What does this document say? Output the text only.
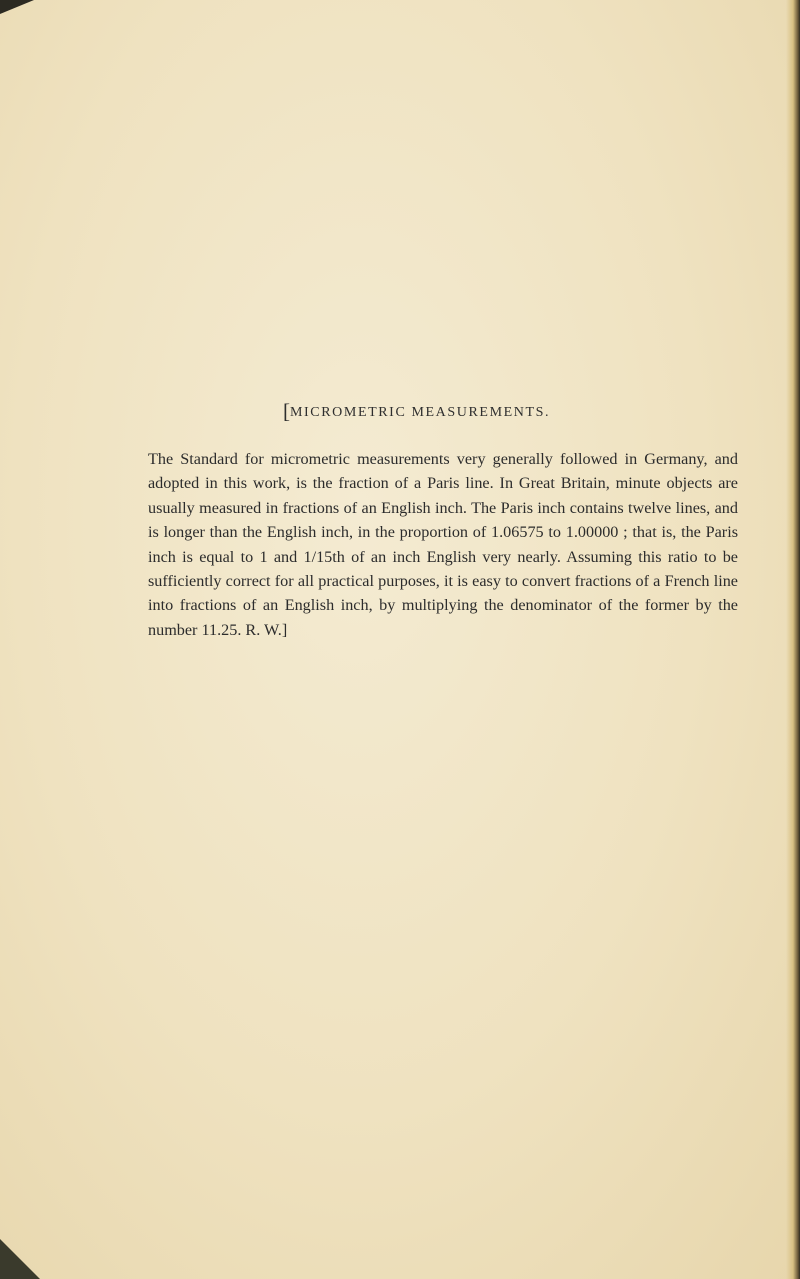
[MICROMETRIC MEASUREMENTS.
The Standard for micrometric measurements very generally followed in Germany, and adopted in this work, is the fraction of a Paris line. In Great Britain, minute objects are usually measured in fractions of an English inch. The Paris inch contains twelve lines, and is longer than the English inch, in the proportion of 1.06575 to 1.00000 ; that is, the Paris inch is equal to 1 and 1/15th of an inch English very nearly. Assuming this ratio to be sufficiently correct for all practical purposes, it is easy to convert fractions of a French line into fractions of an English inch, by multiplying the denominator of the former by the number 11.25. R. W.]
